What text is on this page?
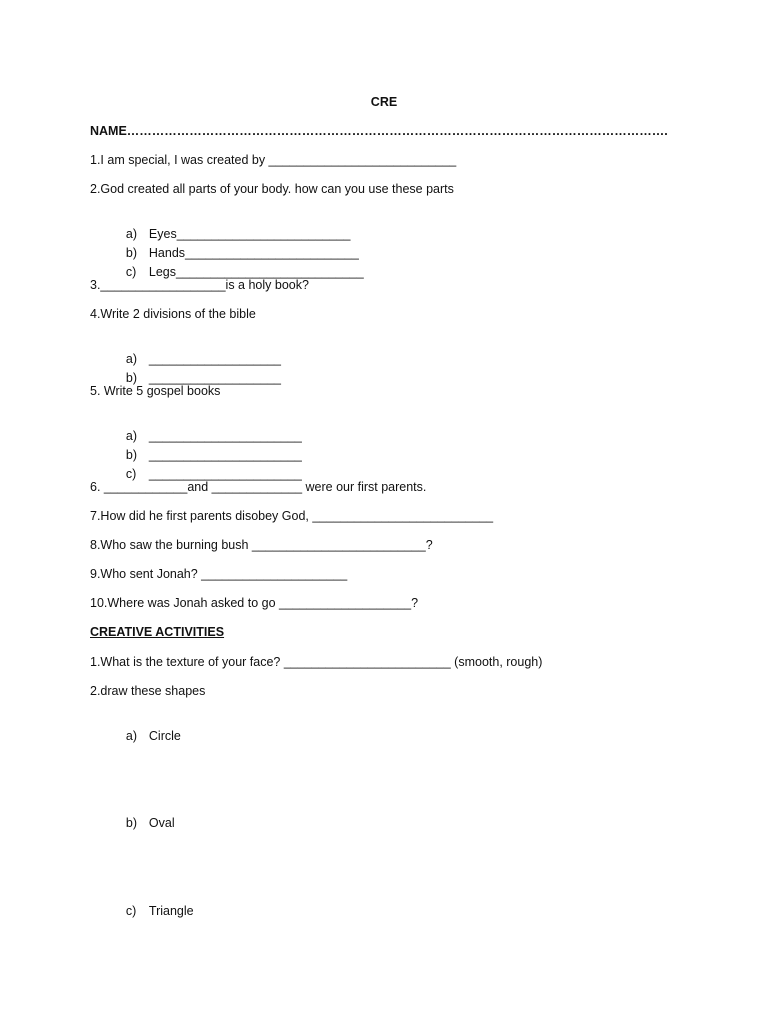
CRE
NAME………………………………………………………………………………………………………………….
1.I am special, I was created by ___________________________
2.God created all parts of your body. how can you use these parts

a) Eyes_________________________

b) Hands_________________________

c) Legs___________________________

3.__________________is a holy book?
4.Write 2 divisions of the bible

a) ___________________

b) ___________________

5. Write 5 gospel books

a) ______________________

b) ______________________

c) ______________________

6. ____________and _____________ were our first parents.
7.How did he first parents disobey God, __________________________
8.Who saw the burning bush _________________________?
9.Who sent Jonah? _____________________
10.Where was Jonah asked to go ___________________?
CREATIVE ACTIVITIES
1.What is the texture of your face? ________________________ (smooth, rough)
2.draw these shapes

a) Circle

b) Oval

c) Triangle
